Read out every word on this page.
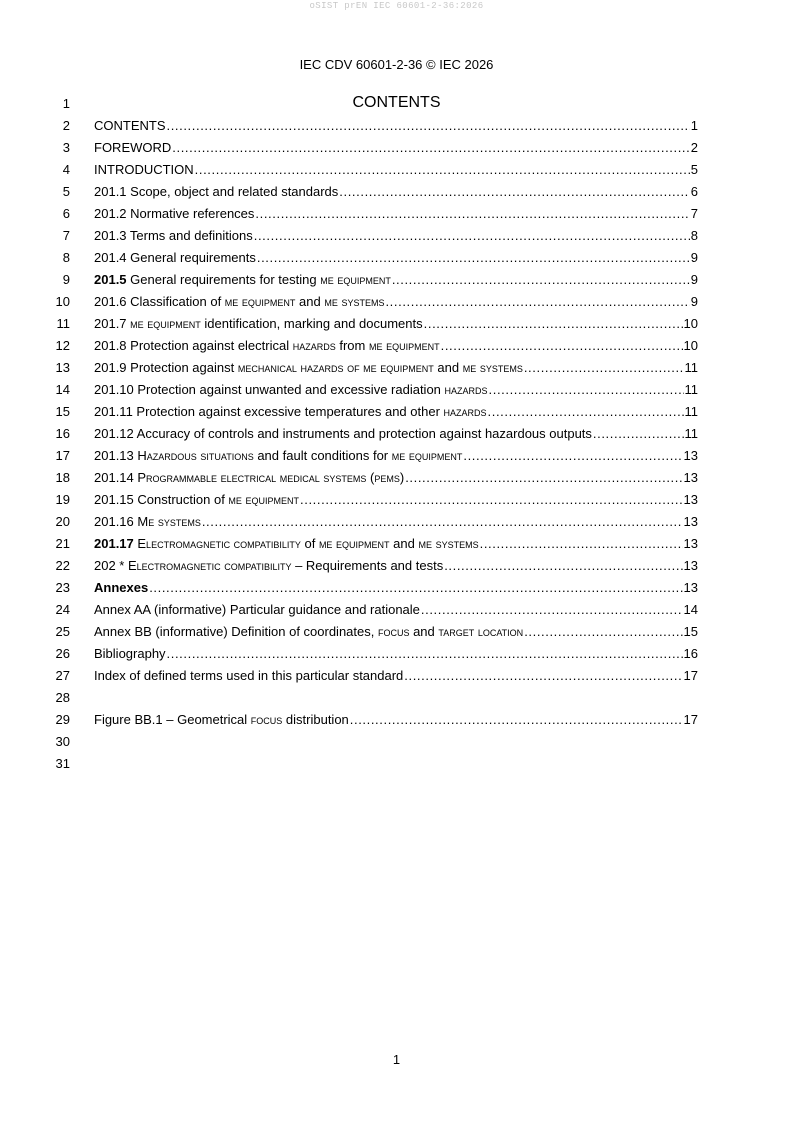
oSIST prEN IEC 60601-2-36:2026
IEC CDV 60601-2-36 © IEC 2026
CONTENTS
1
2
3
4
5
6
7
8
9
10
11
12
13
14
15
16
17
18
19
20
21
22
23
24
25
26
27
28
29
30
31
CONTENTS .....	1
FOREWORD .....	2
INTRODUCTION .....	5
201.1 Scope, object and related standards .....	6
201.2 Normative references .....	7
201.3 Terms and definitions .....	8
201.4 General requirements .....	9
201.5 General requirements for testing me equipment .....	9
201.6 Classification of me equipment and me systems .....	9
201.7 me equipment identification, marking and documents .....	10
201.8 Protection against electrical hazards from me equipment .....	10
201.9 Protection against mechanical hazards of me equipment and me systems .....	11
201.10 Protection against unwanted and excessive radiation hazards .....	11
201.11 Protection against excessive temperatures and other hazards .....	11
201.12 Accuracy of controls and instruments and protection against hazardous outputs .....	11
201.13 Hazardous situations and fault conditions for me equipment .....	13
201.14 Programmable electrical medical systems (pems) .....	13
201.15 Construction of me equipment .....	13
201.16 Me systems .....	13
201.17 Electromagnetic compatibility of me equipment and me systems .....	13
202 * Electromagnetic compatibility – Requirements and tests .....	13
Annexes .....	13
Annex AA (informative) Particular guidance and rationale .....	14
Annex BB (informative) Definition of coordinates, focus and target location .....	15
Bibliography .....	16
Index of defined terms used in this particular standard .....	17
Figure BB.1 – Geometrical focus distribution .....	17
1
